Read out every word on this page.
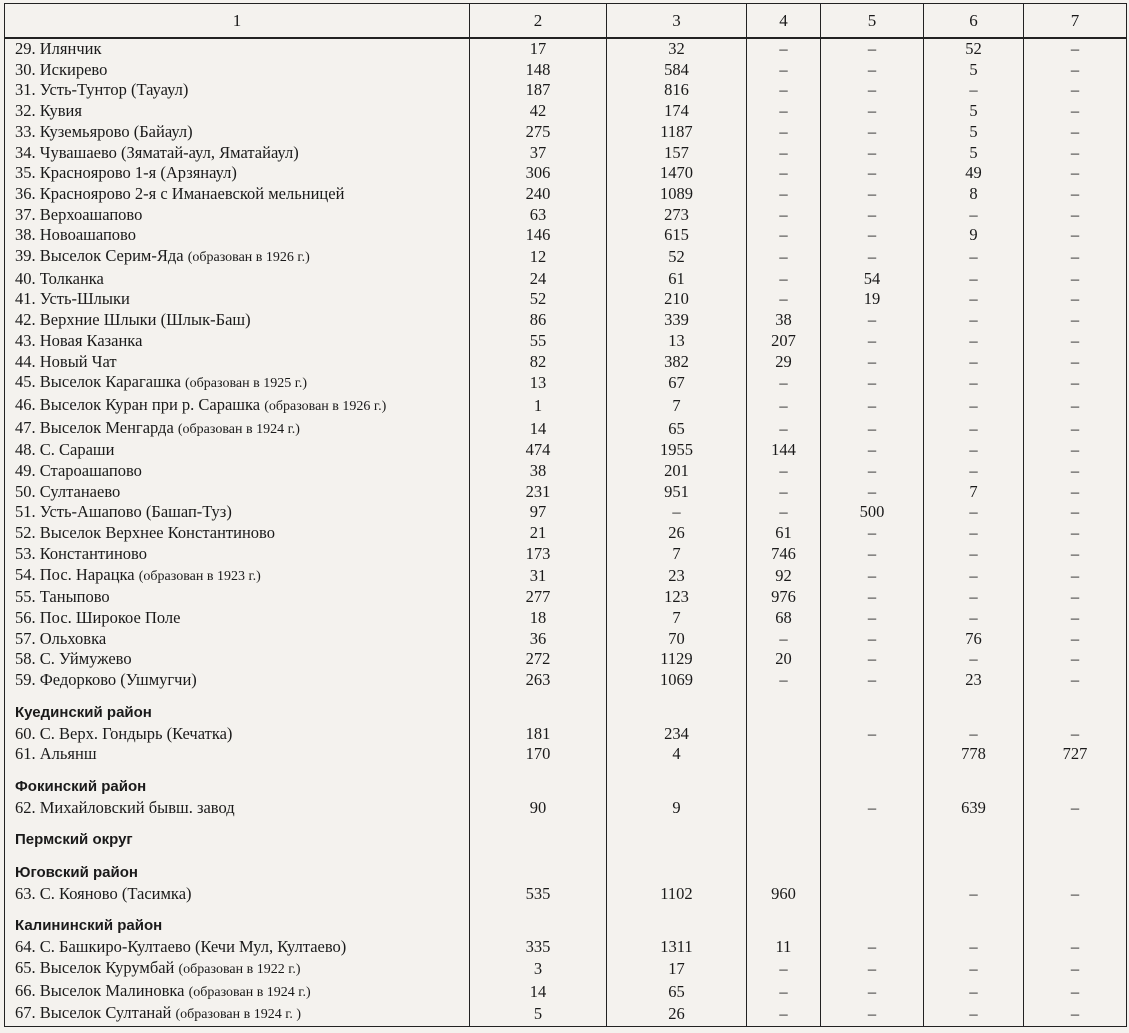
1	2	3	4	5	6	7
29. Илянчик	17	32	–	–	52	–
30. Искирево	148	584	–	–	5	–
31. Усть-Тунтор (Тауаул)	187	816	–	–	–	–
32. Кувия	42	174	–	–	5	–
33. Куземьярово (Байаул)	275	1187	–	–	5	–
34. Чувашаево (Зяматай-аул, Яматайаул)	37	157	–	–	5	–
35. Краснoярово 1-я (Арзянаул)	306	1470	–	–	49	–
36. Краснoярово 2-я с Иманаевской мельницей	240	1089	–	–	8	–
37. Верхоашапово	63	273	–	–	–	–
38. Новоашапово	146	615	–	–	9	–
39. Выселок Серим-Яда (образован в 1926 г.)	12	52	–	–	–	–
40. Толканка	24	61	–	54	–	–
41. Усть-Шлыки	52	210	–	19	–	–
42. Верхние Шлыки (Шлык-Баш)	86	339	38	–	–	–
43. Новая Казанка	55	13	207	–	–	–
44. Новый Чат	82	382	29	–	–	–
45. Выселок Карагашка (образован в 1925 г.)	13	67	–	–	–	–
46. Выселок Куран при р. Сарашка (образован в 1926 г.)	1	7	–	–	–	–
47. Выселок Менгарда (образован в 1924 г.)	14	65	–	–	–	–
48. С. Сараши	474	1955	144	–	–	–
49. Староашапово	38	201	–	–	–	–
50. Султанаево	231	951	–	–	7	–
51. Усть-Ашапово (Башап-Туз)	97	–	–	500	–	–
52. Выселок Верхнее Константиново	21	26	61	–	–	–
53. Константиново	173	7	746	–	–	–
54. Пос. Нарацка (образован в 1923 г.)	31	23	92	–	–	–
55. Таныпово	277	123	976	–	–	–
56. Пос. Широкое Поле	18	7	68	–	–	–
57. Ольховка	36	70	–	–	76	–
58. С. Уймужево	272	1129	20	–	–	–
59. Федорково (Ушмугчи)	263	1069	–	–	23	–

Куединский район						
60. С. Верх. Гондырь (Кечатка)	181	234		–	–	–
61. Альянш	170	4			778	727

Фокинский район						
62. Михайловский бывш. завод	90	9		–	639	–

Пермский округ						

Юговский район						
63. С. Кояново (Тасимка)	535	1102	960		–	–

Калининский район						
64. С. Башкиро-Култаево (Кечи Мул, Култаево)	335	1311	11	–	–	–
65. Выселок Курумбай (образован в 1922 г.)	3	17	–	–	–	–
66. Выселок Малиновка (образован в 1924 г.)	14	65	–	–	–	–
67. Выселок Султанай (образован в 1924 г. )	5	26	–	–	–	–
